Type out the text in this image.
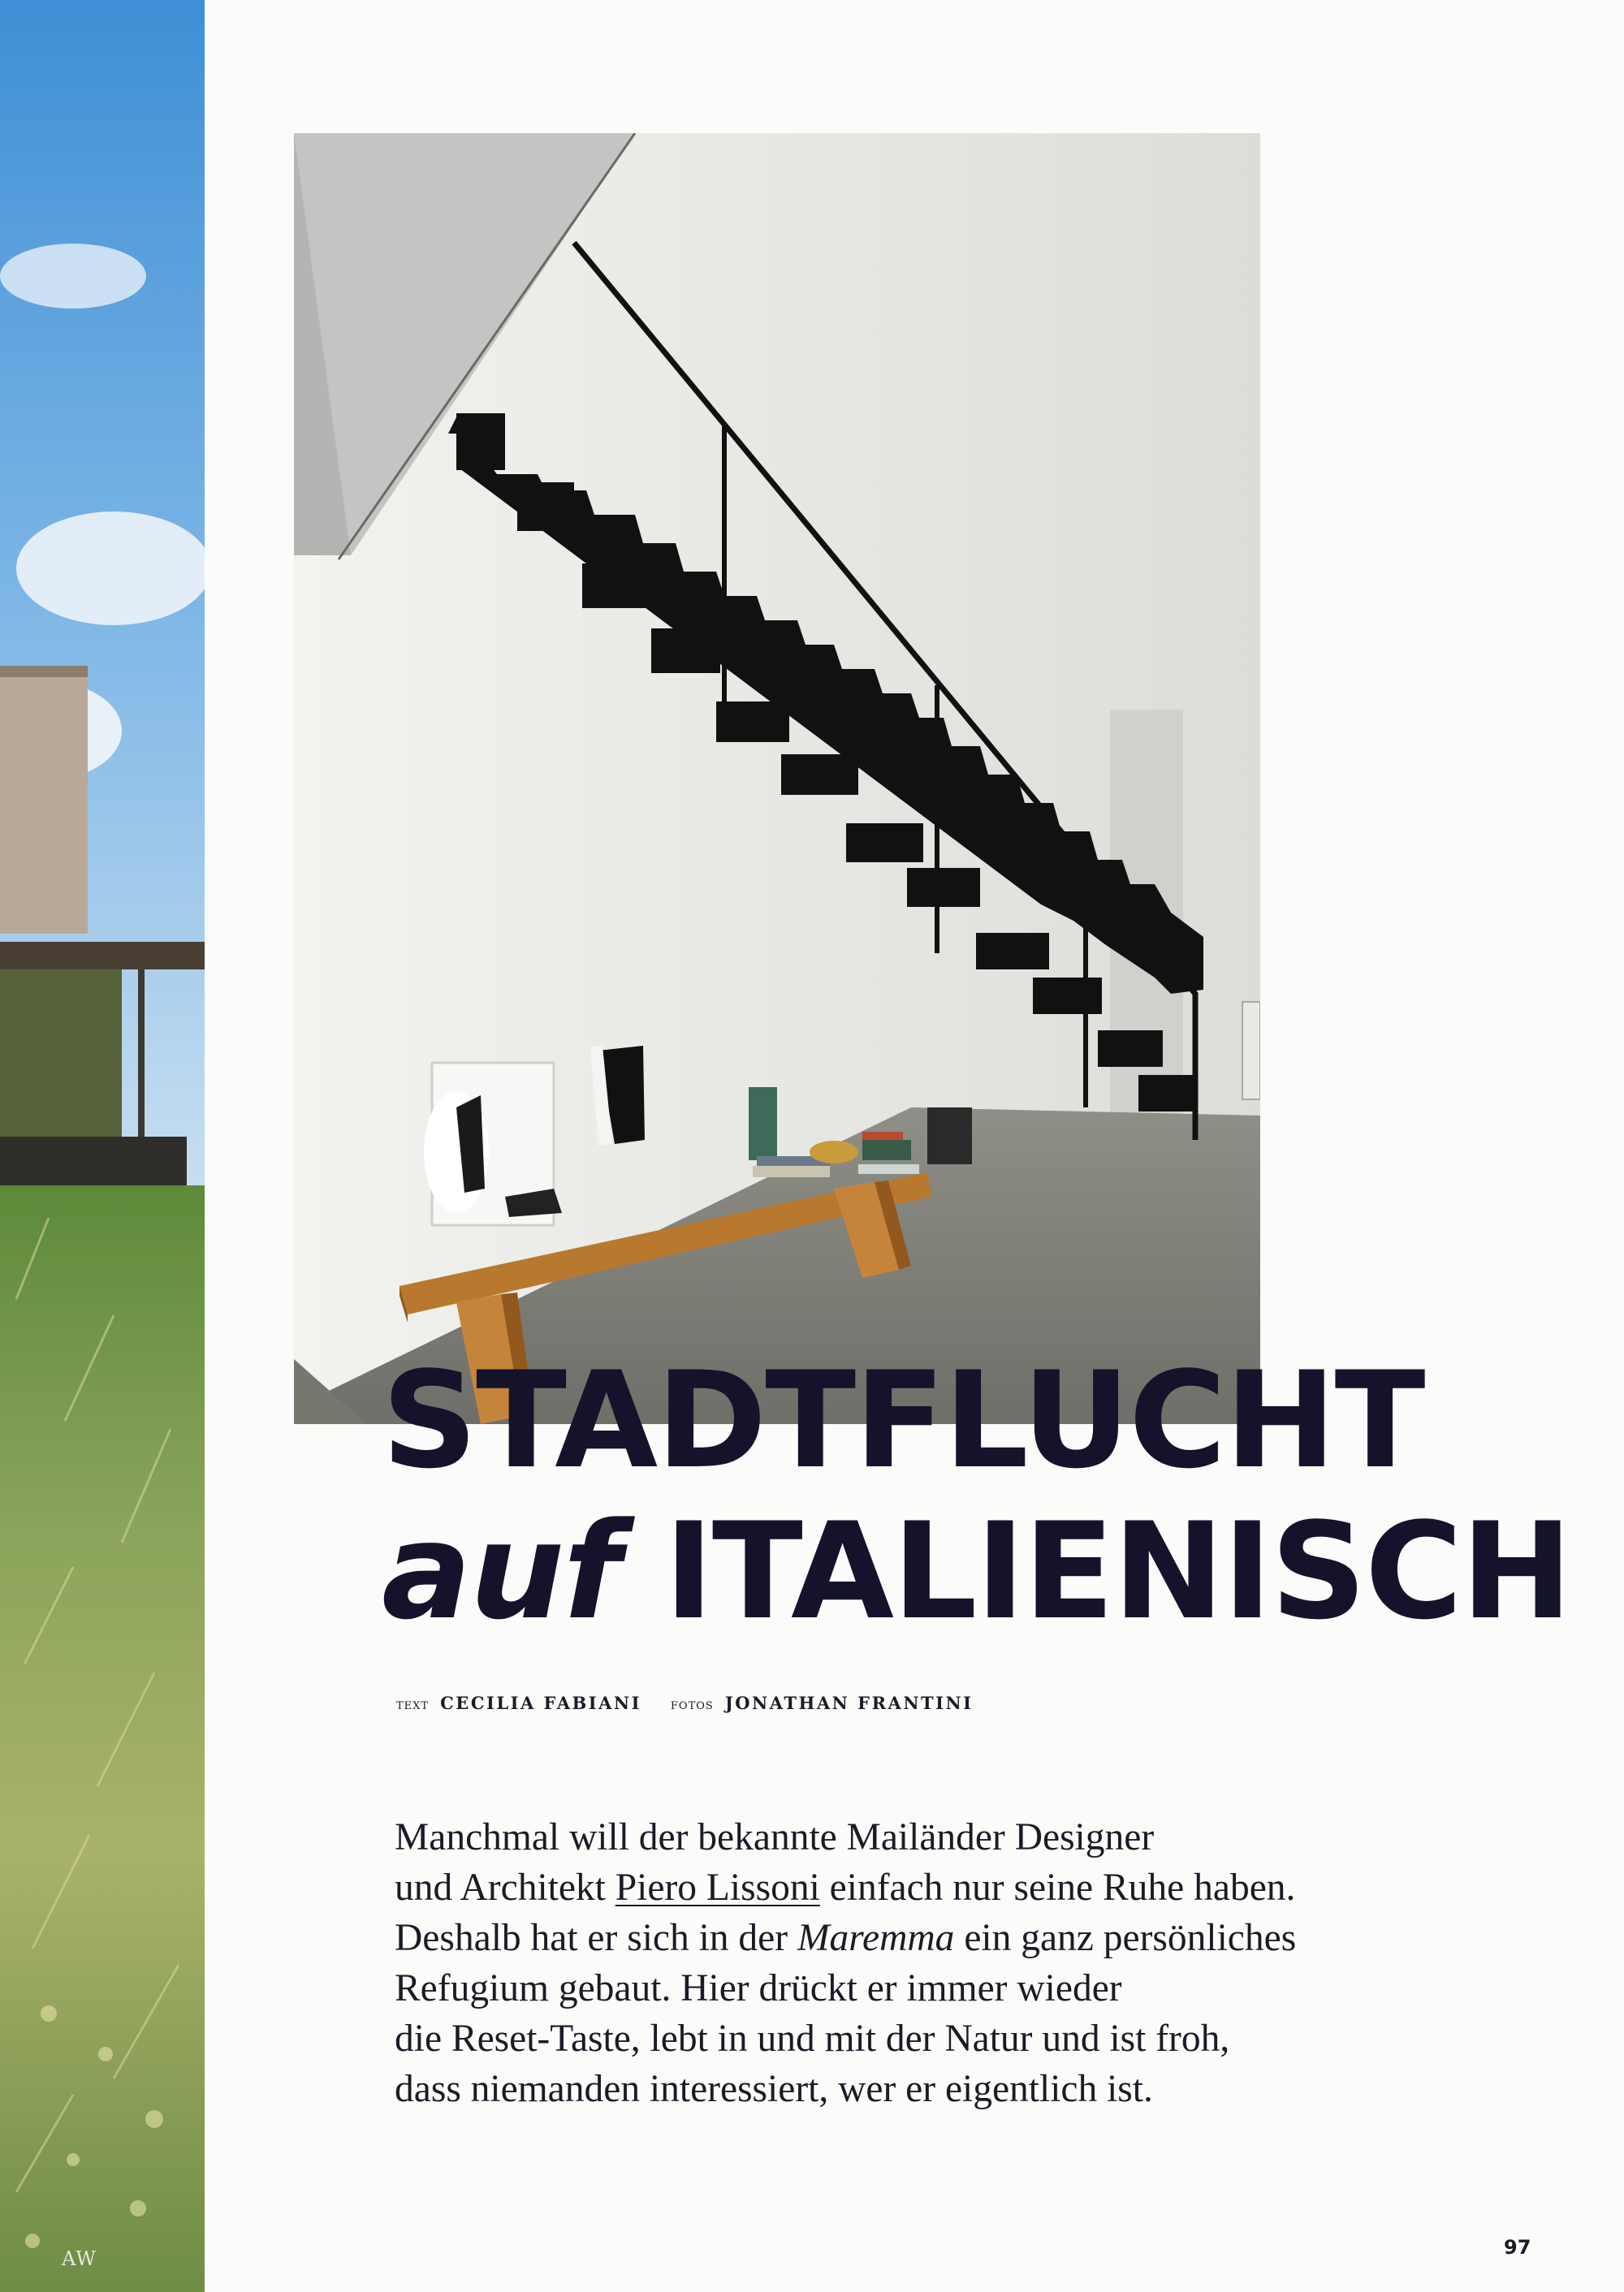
AW
STADTFLUCHT
auf ITALIENISCH
TEXT CECILIA FABIANI	FOTOS JONATHAN FRANTINI

Manchmal will der bekannte Mailänder Designer
und Architekt Piero Lissoni einfach nur seine Ruhe haben.
Deshalb hat er sich in der Maremma ein ganz persönliches
Refugium gebaut. Hier drückt er immer wieder
die Reset-Taste, lebt in und mit der Natur und ist froh,
dass niemanden interessiert, wer er eigentlich ist.

97
